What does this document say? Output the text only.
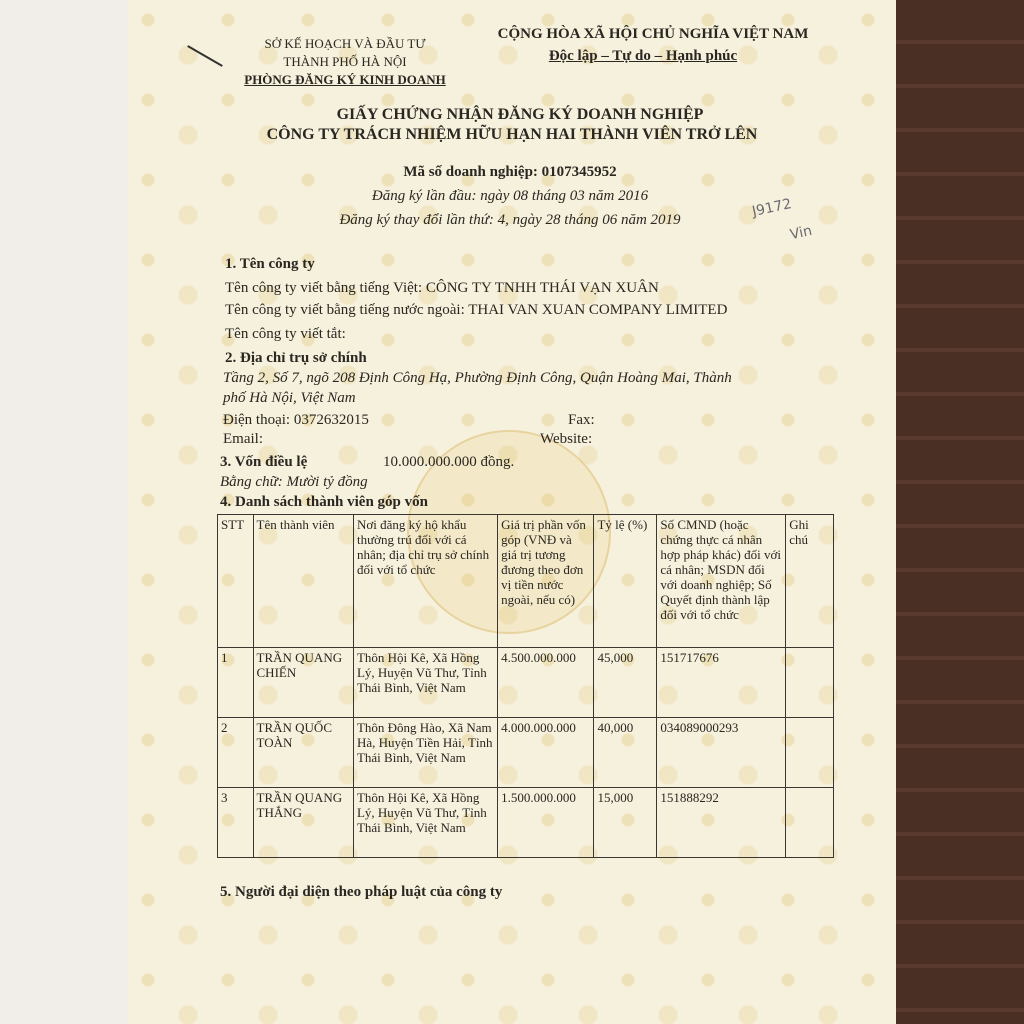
SỞ KẾ HOẠCH VÀ ĐẦU TƯ
THÀNH PHỐ HÀ NỘI
PHÒNG ĐĂNG KÝ KINH DOANH
CỘNG HÒA XÃ HỘI CHỦ NGHĨA VIỆT NAM
Độc lập – Tự do – Hạnh phúc
GIẤY CHỨNG NHẬN ĐĂNG KÝ DOANH NGHIỆP
CÔNG TY TRÁCH NHIỆM HỮU HẠN HAI THÀNH VIÊN TRỞ LÊN
Mã số doanh nghiệp: 0107345952
Đăng ký lần đầu: ngày 08 tháng 03 năm 2016
Đăng ký thay đổi lần thứ: 4, ngày 28 tháng 06 năm 2019
J9172
Vin
1. Tên công ty
Tên công ty viết bằng tiếng Việt: CÔNG TY TNHH THÁI VẠN XUÂN
Tên công ty viết bằng tiếng nước ngoài: THAI VAN XUAN COMPANY LIMITED
Tên công ty viết tắt:
2. Địa chỉ trụ sở chính
Tầng 2, Số 7, ngõ 208 Định Công Hạ, Phường Định Công, Quận Hoàng Mai, Thành
phố Hà Nội, Việt Nam
Điện thoại: 0372632015	Fax:
Email:	Website:
3. Vốn điều lệ	10.000.000.000 đồng.
Bằng chữ: Mười tỷ đồng
4. Danh sách thành viên góp vốn
STT	Tên thành viên	Nơi đăng ký hộ khẩu thường trú đối với cá nhân; địa chỉ trụ sở chính đối với tổ chức	Giá trị phần vốn góp (VNĐ và giá trị tương đương theo đơn vị tiền nước ngoài, nếu có)	Tỷ lệ (%)	Số CMND (hoặc chứng thực cá nhân hợp pháp khác) đối với cá nhân; MSDN đối với doanh nghiệp; Số Quyết định thành lập đối với tổ chức	Ghi chú
1	TRẦN QUANG CHIẾN	Thôn Hội Kê, Xã Hồng Lý, Huyện Vũ Thư, Tỉnh Thái Bình, Việt Nam	4.500.000.000	45,000	151717676	
2	TRẦN QUỐC TOÀN	Thôn Đông Hào, Xã Nam Hà, Huyện Tiền Hải, Tỉnh Thái Bình, Việt Nam	4.000.000.000	40,000	034089000293	
3	TRẦN QUANG THẮNG	Thôn Hội Kê, Xã Hồng Lý, Huyện Vũ Thư, Tỉnh Thái Bình, Việt Nam	1.500.000.000	15,000	151888292	
5. Người đại diện theo pháp luật của công ty
